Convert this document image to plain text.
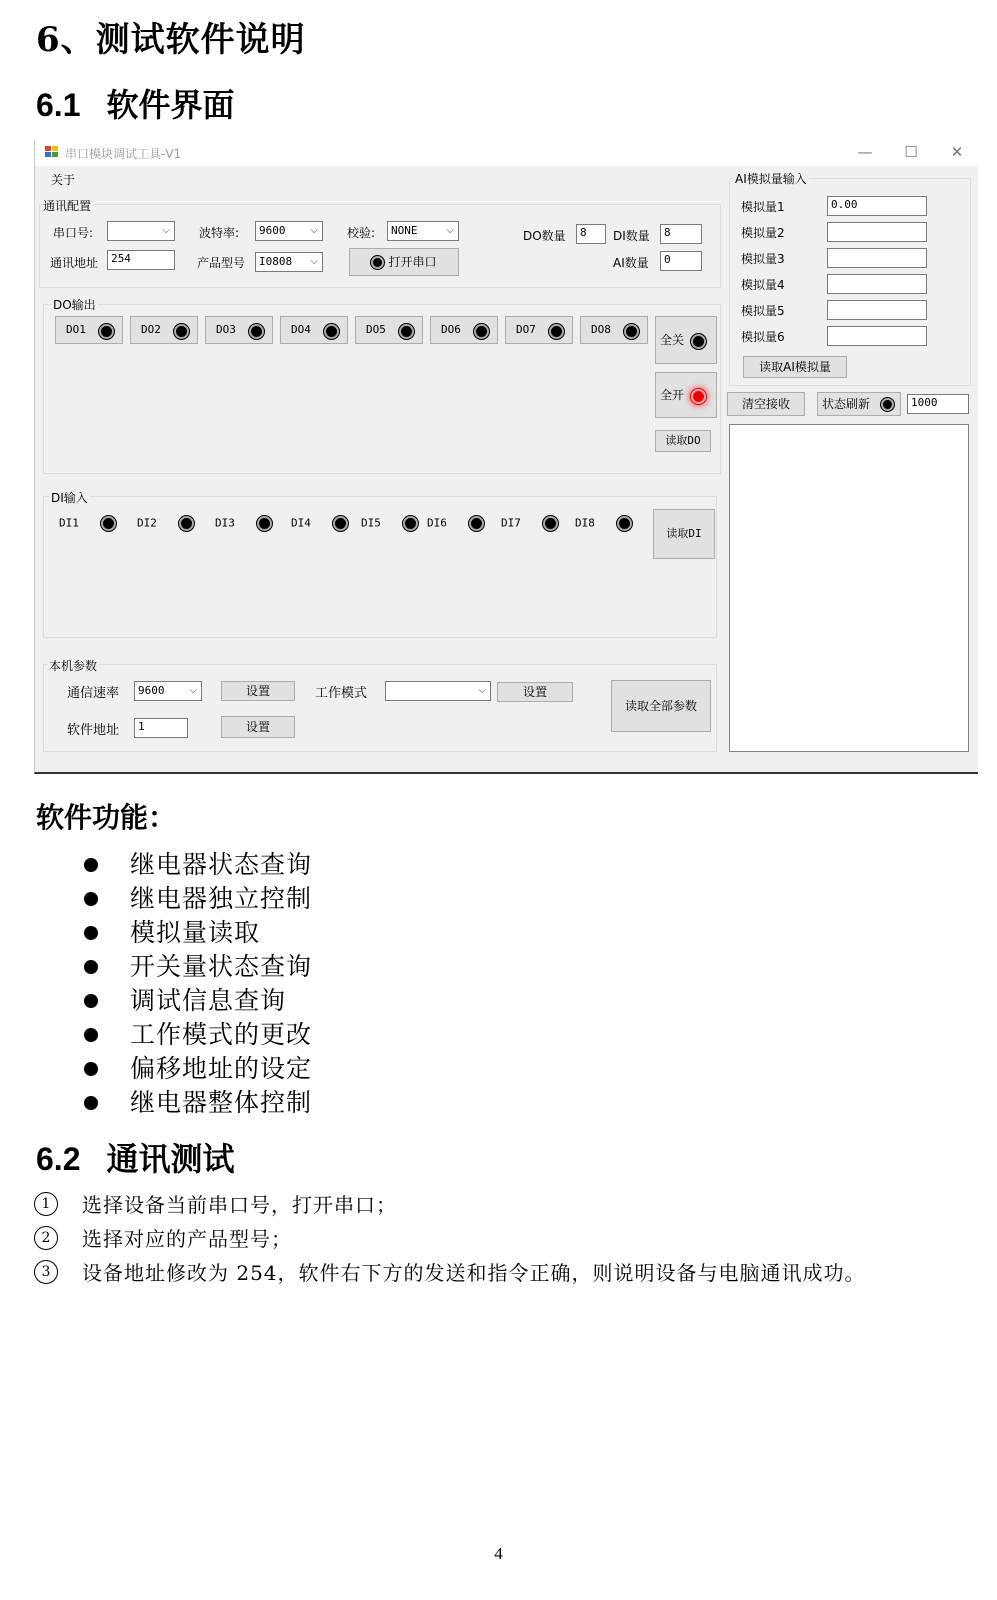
6、测试软件说明
6.1 软件界面
串口模块调试工具-V1	—	☐	✕
关于
通讯配置
串口号:	⌵ 波特率:	9600 ⌵ 校验:	NONE	⌵	DO数量	8	DI数量	8
通讯地址	254	产品型号	I0808 ⌵	打开串口	AI数量	0
DO输出
DO1	DO2	DO3	DO4	DO5	DO6	DO7	DO8
全关
全开
读取DO
DI输入
DI1	DI2	DI3	DI4	DI5	DI6	DI7	DI8
读取DI
本机参数
通信速率	9600 ⌵	设置	工作模式	⌵	设置
软件地址	1	设置
读取全部参数
AI模拟量输入
模拟量1	0.00
模拟量2
模拟量3
模拟量4
模拟量5
模拟量6
读取AI模拟量
清空接收	状态刷新	1000
软件功能：
继电器状态查询
继电器独立控制
模拟量读取
开关量状态查询
调试信息查询
工作模式的更改
偏移地址的设定
继电器整体控制
6.2 通讯测试
1	选择设备当前串口号，打开串口；
2	选择对应的产品型号；
3	设备地址修改为 254，软件右下方的发送和指令正确，则说明设备与电脑通讯成功。
4
